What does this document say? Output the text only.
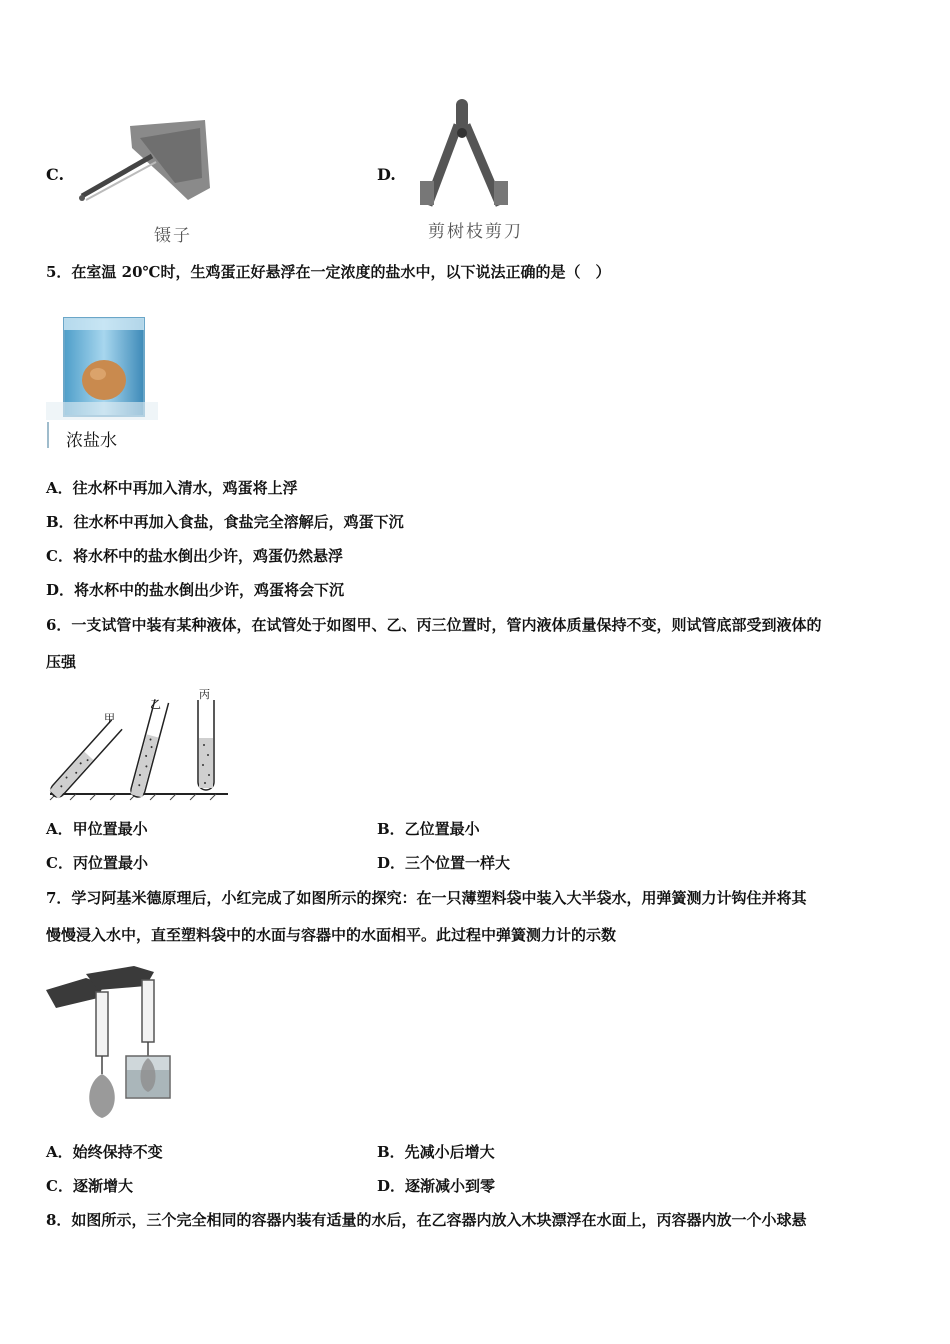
C.
镊子
D.
剪树枝剪刀
5．在室温 20℃时，生鸡蛋正好悬浮在一定浓度的盐水中，以下说法正确的是（　）
浓盐水
A．往水杯中再加入清水，鸡蛋将上浮
B．往水杯中再加入食盐，食盐完全溶解后，鸡蛋下沉
C．将水杯中的盐水倒出少许，鸡蛋仍然悬浮
D．将水杯中的盐水倒出少许，鸡蛋将会下沉
6．一支试管中装有某种液体，在试管处于如图甲、乙、丙三位置时，管内液体质量保持不变，则试管底部受到液体的
压强
甲
乙
丙
A．甲位置最小	B．乙位置最小
C．丙位置最小	D．三个位置一样大
7．学习阿基米德原理后，小红完成了如图所示的探究：在一只薄塑料袋中装入大半袋水，用弹簧测力计钩住并将其
慢慢浸入水中，直至塑料袋中的水面与容器中的水面相平。此过程中弹簧测力计的示数
A．始终保持不变	B．先减小后增大
C．逐渐增大	D．逐渐减小到零
8．如图所示，三个完全相同的容器内装有适量的水后，在乙容器内放入木块漂浮在水面上，丙容器内放一个小球悬
